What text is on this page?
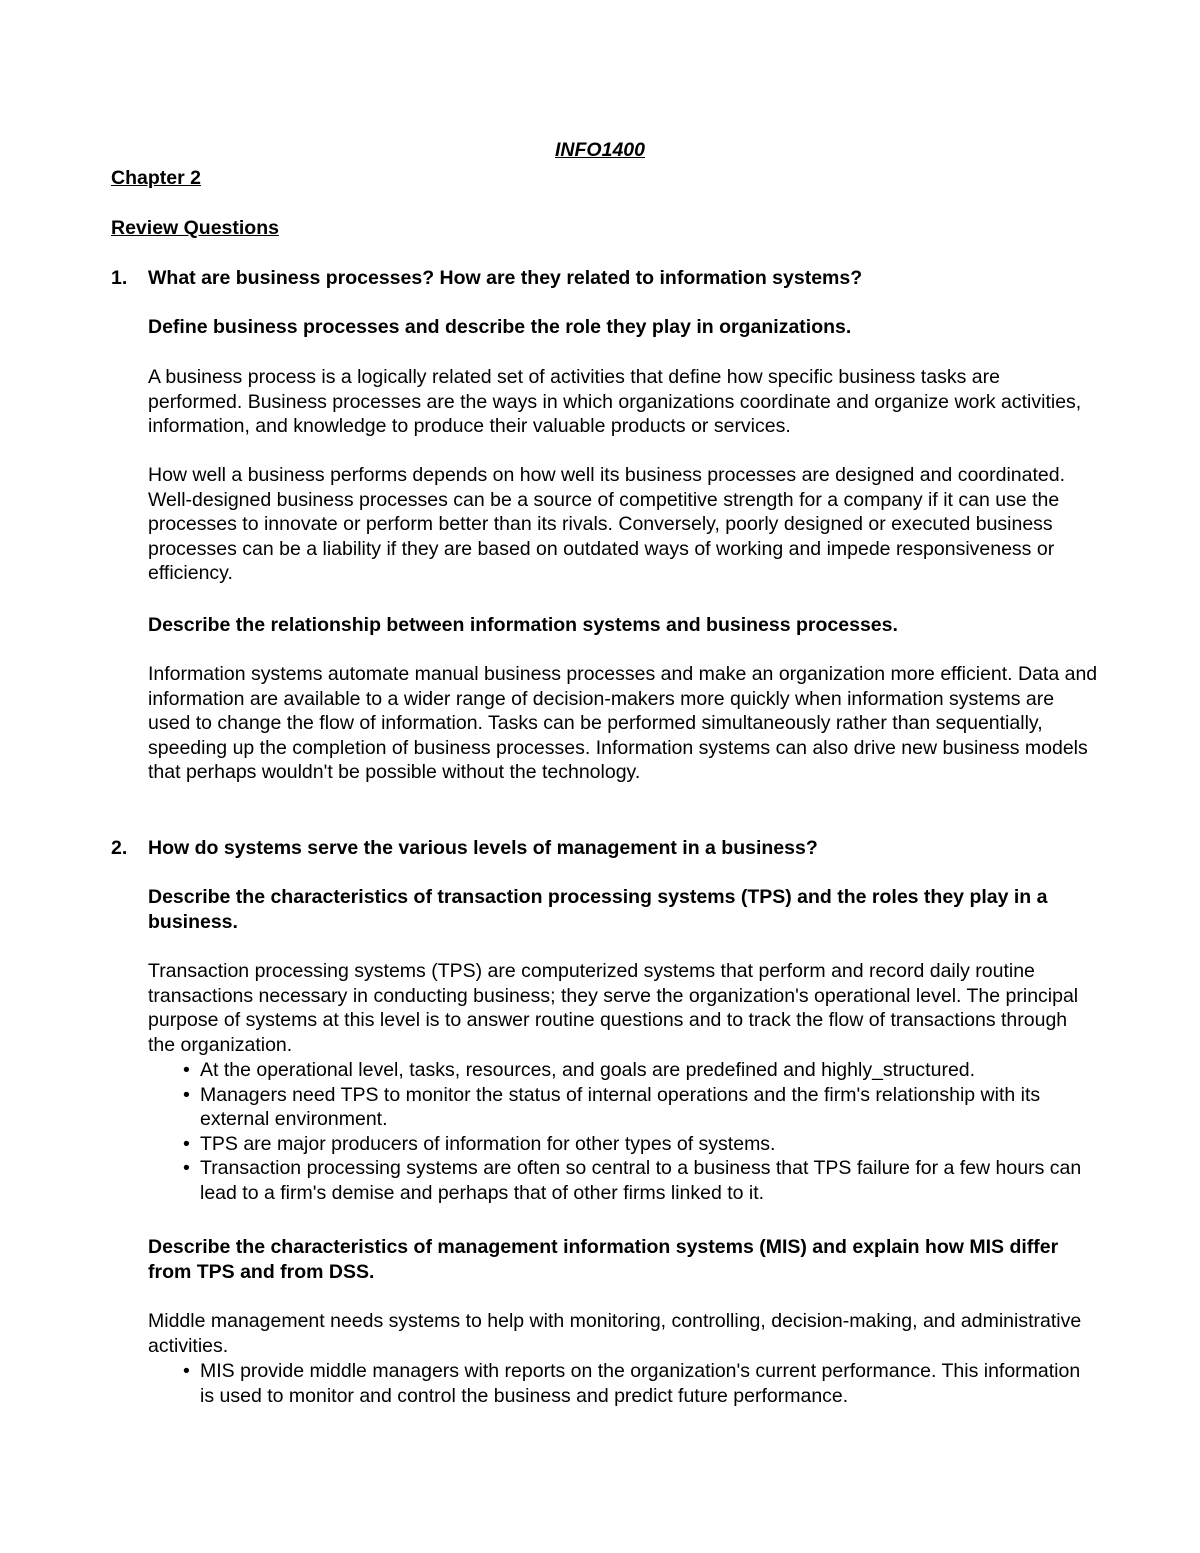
INFO1400

Chapter 2

Review Questions

1.	What are business processes? How are they related to information systems?

Define business processes and describe the role they play in organizations.

A business process is a logically related set of activities that define how specific business tasks are performed. Business processes are the ways in which organizations coordinate and organize work activities, information, and knowledge to produce their valuable products or services.

How well a business performs depends on how well its business processes are designed and coordinated. Well-designed business processes can be a source of competitive strength for a company if it can use the processes to innovate or perform better than its rivals. Conversely, poorly designed or executed business processes can be a liability if they are based on outdated ways of working and impede responsiveness or efficiency.

Describe the relationship between information systems and business processes.

Information systems automate manual business processes and make an organization more efficient. Data and information are available to a wider range of decision-makers more quickly when information systems are used to change the flow of information. Tasks can be performed simultaneously rather than sequentially, speeding up the completion of business processes. Information systems can also drive new business models that perhaps wouldn't be possible without the technology.

2.	How do systems serve the various levels of management in a business?

Describe the characteristics of transaction processing systems (TPS) and the roles they play in a business.

Transaction processing systems (TPS) are computerized systems that perform and record daily routine transactions necessary in conducting business; they serve the organization's operational level. The principal purpose of systems at this level is to answer routine questions and to track the flow of transactions through the organization.

• At the operational level, tasks, resources, and goals are predefined and highly_structured.
• Managers need TPS to monitor the status of internal operations and the firm's relationship with its external environment.
• TPS are major producers of information for other types of systems.
• Transaction processing systems are often so central to a business that TPS failure for a few hours can lead to a firm's demise and perhaps that of other firms linked to it.

Describe the characteristics of management information systems (MIS) and explain how MIS differ from TPS and from DSS.

Middle management needs systems to help with monitoring, controlling, decision-making, and administrative activities.

• MIS provide middle managers with reports on the organization's current performance. This information is used to monitor and control the business and predict future performance.
